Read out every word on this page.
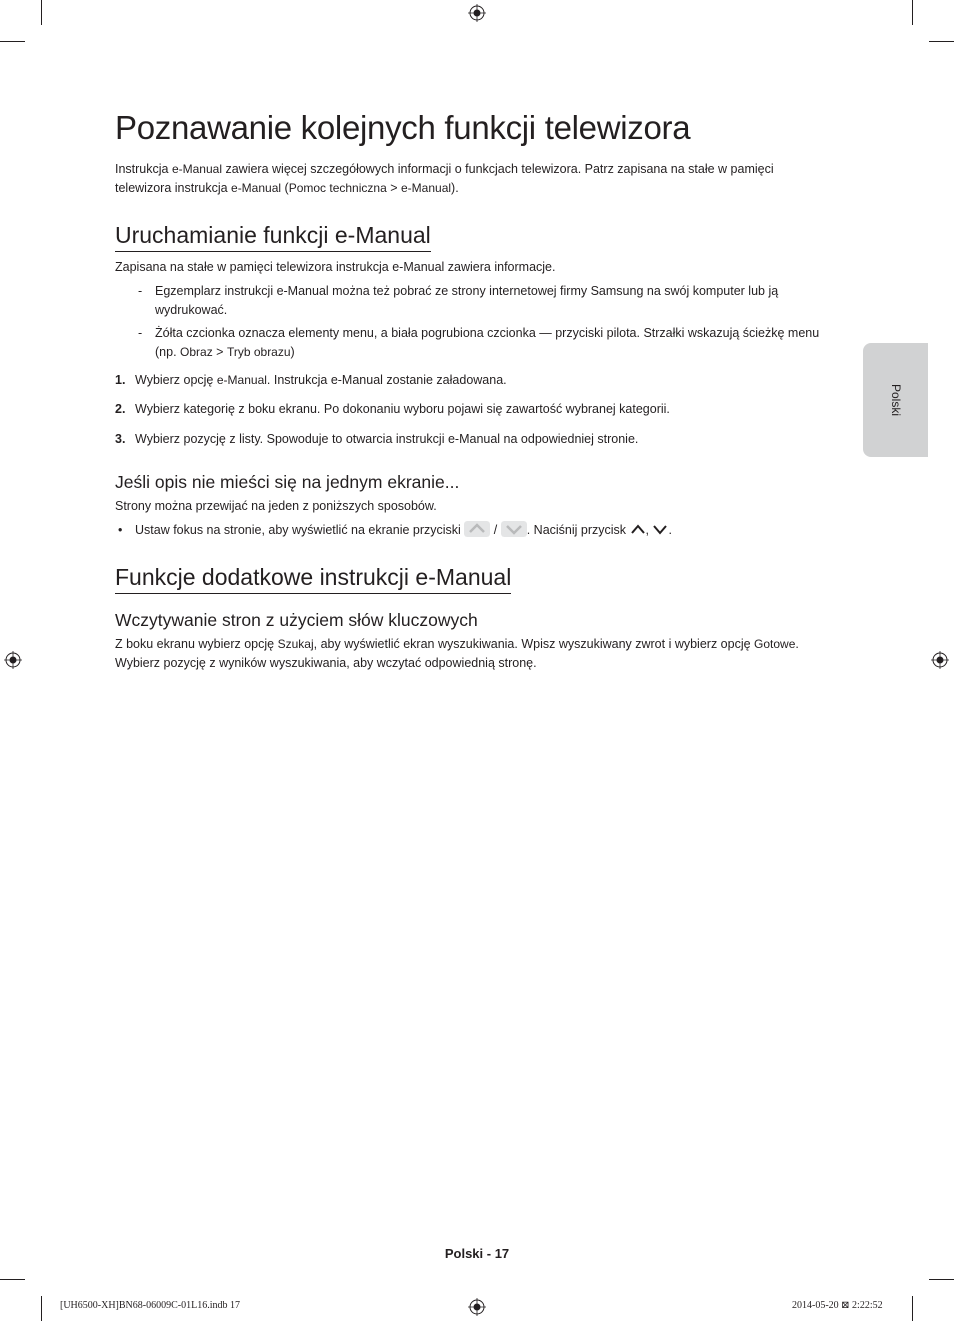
Polski
Poznawanie kolejnych funkcji telewizora

Instrukcja e-Manual zawiera więcej szczegółowych informacji o funkcjach telewizora. Patrz zapisana na stałe w pamięci telewizora instrukcja e-Manual (Pomoc techniczna > e-Manual).

Uruchamianie funkcji e-Manual

Zapisana na stałe w pamięci telewizora instrukcja e-Manual zawiera informacje.

- Egzemplarz instrukcji e-Manual można też pobrać ze strony internetowej firmy Samsung na swój komputer lub ją wydrukować.
- Żółta czcionka oznacza elementy menu, a biała pogrubiona czcionka — przyciski pilota. Strzałki wskazują ścieżkę menu (np. Obraz > Tryb obrazu)
1. Wybierz opcję e-Manual. Instrukcja e-Manual zostanie załadowana.
2. Wybierz kategorię z boku ekranu. Po dokonaniu wyboru pojawi się zawartość wybranej kategorii.
3. Wybierz pozycję z listy. Spowoduje to otwarcia instrukcji e-Manual na odpowiedniej stronie.
Jeśli opis nie mieści się na jednym ekranie...

Strony można przewijać na jeden z poniższych sposobów.

• Ustaw fokus na stronie, aby wyświetlić na ekranie przyciski  / . Naciśnij przycisk , .
Funkcje dodatkowe instrukcji e-Manual
Wczytywanie stron z użyciem słów kluczowych

Z boku ekranu wybierz opcję Szukaj, aby wyświetlić ekran wyszukiwania. Wpisz wyszukiwany zwrot i wybierz opcję Gotowe. Wybierz pozycję z wyników wyszukiwania, aby wczytać odpowiednią stronę.

Polski - 17
[UH6500-XH]BN68-06009C-01L16.indb 17	2014-05-20 ⊠ 2:22:52
